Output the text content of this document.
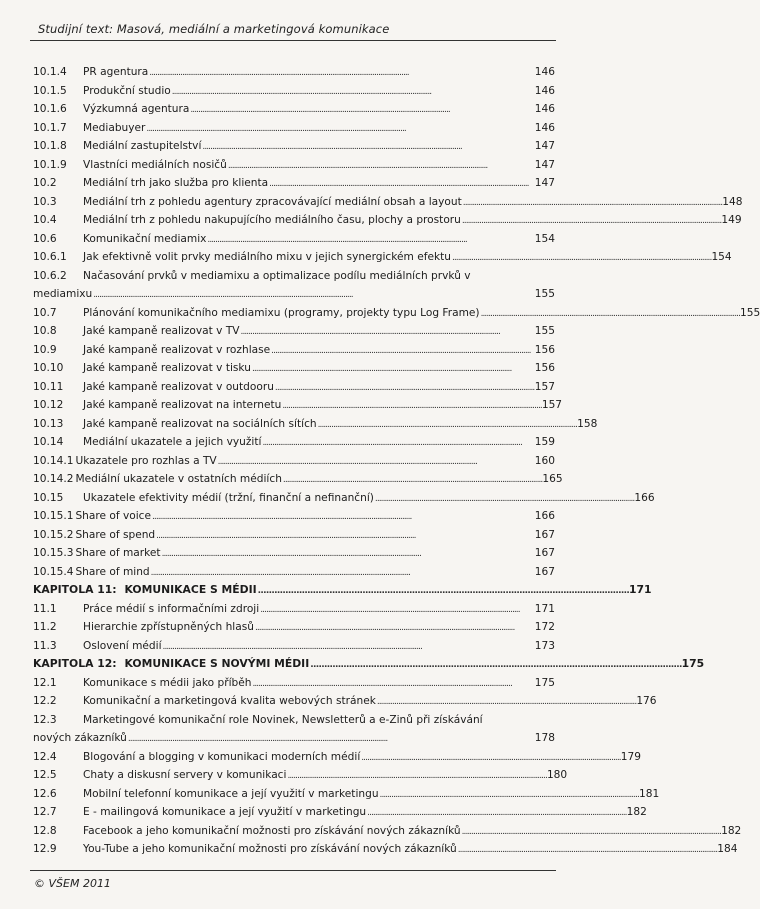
Studijní text: Masová, mediální a marketingová komunikace
10.1.4	PR agentura . . .	146
10.1.5	Produkční studio . . .	146
10.1.6	Výzkumná agentura . . .	146
10.1.7	Mediabuyer . . .	146
10.1.8	Mediální zastupitelství . . .	147
10.1.9	Vlastníci mediálních nosičů . . .	147
10.2	Mediální trh jako služba pro klienta . . .	147
10.3	Mediální trh z pohledu agentury zpracovávající mediální obsah a layout . . .	148
10.4	Mediální trh z pohledu nakupujícího mediálního času, plochy a prostoru . . .	149
10.6	Komunikační mediamix . . .	154
10.6.1	Jak efektivně volit prvky mediálního mixu v jejich synergickém efektu . . .	154
10.6.2	Načasování prvků v mediamixu a optimalizace podílu mediálních prvků v
mediamixu . . .	155
10.7	Plánování komunikačního mediamixu (programy, projekty typu Log Frame) . . .	155
10.8	Jaké kampaně realizovat v TV . . .	155
10.9	Jaké kampaně realizovat v rozhlase . . .	156
10.10	Jaké kampaně realizovat v tisku . . .	156
10.11	Jaké kampaně realizovat v outdooru . . .	157
10.12	Jaké kampaně realizovat na internetu . . .	157
10.13	Jaké kampaně realizovat na sociálních sítích . . .	158
10.14	Mediální ukazatele a jejich využití . . .	159
10.14.1 Ukazatele pro rozhlas a TV . . .	160
10.14.2 Mediální ukazatele v ostatních médiích . . .	165
10.15	Ukazatele efektivity médií (tržní, finanční a nefinanční) . . .	166
10.15.1 Share of voice . . .	166
10.15.2 Share of spend . . .	167
10.15.3 Share of market . . .	167
10.15.4 Share of mind . . .	167
KAPITOLA 11: KOMUNIKACE S MÉDII . . .	171
11.1	Práce médií s informačními zdroji . . .	171
11.2	Hierarchie zpřístupněných hlasů . . .	172
11.3	Oslovení médií . . .	173
KAPITOLA 12: KOMUNIKACE S NOVÝMI MÉDII . . .	175
12.1	Komunikace s médii jako příběh . . .	175
12.2	Komunikační a marketingová kvalita webových stránek . . .	176
12.3	Marketingové komunikační role Novinek, Newsletterů a e-Zinů při získávání
nových zákazníků . . .	178
12.4	Blogování a blogging v komunikaci moderních médií . . .	179
12.5	Chaty a diskusní servery v komunikaci . . .	180
12.6	Mobilní telefonní komunikace a její využití v marketingu . . .	181
12.7	E - mailingová komunikace a její využití v marketingu . . .	182
12.8	Facebook a jeho komunikační možnosti pro získávání nových zákazníků . . .	182
12.9	You-Tube a jeho komunikační možnosti pro získávání nových zákazníků . . .	184
© VŠEM 2011
